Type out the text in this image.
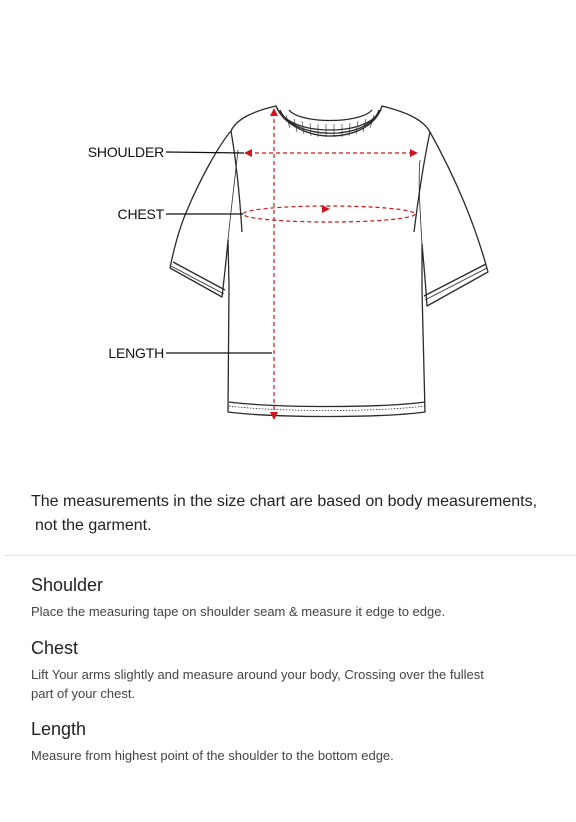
SHOULDER
CHEST
LENGTH

The measurements in the size chart are based on body measurements,
not the garment.

Shoulder

Place the measuring tape on shoulder seam & measure it edge to edge.

Chest

Lift Your arms slightly and measure around your body, Crossing over the fullest
part of your chest.

Length

Measure from highest point of the shoulder to the bottom edge.
